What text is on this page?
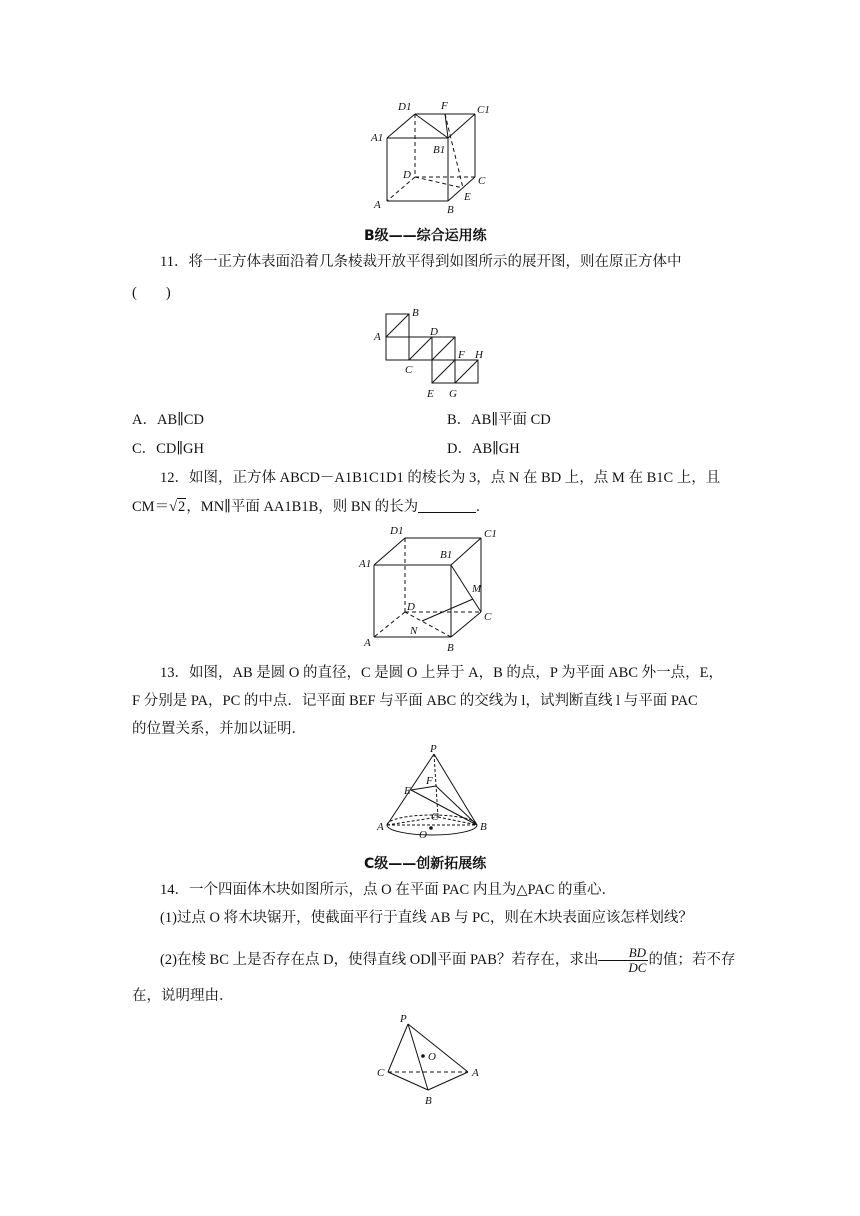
D1	F	C1
A1
B1
D	C
A	B
E
B级——综合运用练
11．将一正方体表面沿着几条棱裁开放平得到如图所示的展开图，则在原正方体中
(　　)
B
A	D
C
F H
E G
A．AB∥CD	B．AB∥平面 CD
C．CD∥GH	D．AB∥GH
12．如图，正方体 ABCD－A1B1C1D1 的棱长为 3，点 N 在 BD 上，点 M 在 B1C 上，且
CM＝√2，MN∥平面 AA1B1B，则 BN 的长为	.
D1	C1
A1
B1
M
D
C
N
A	B
13．如图，AB 是圆 O 的直径，C 是圆 O 上异于 A，B 的点，P 为平面 ABC 外一点，E，
F 分别是 PA，PC 的中点．记平面 BEF 与平面 ABC 的交线为 l，试判断直线 l 与平面 PAC
的位置关系，并加以证明．
P
F
E
C
A
O
B
C级——创新拓展练
14．一个四面体木块如图所示，点 O 在平面 PAC 内且为△PAC 的重心．
(1)过点 O 将木块锯开，使截面平行于直线 AB 与 PC，则在木块表面应该怎样划线？
(2)在棱 BC 上是否存在点 D，使得直线 OD∥平面 PAB？若存在，求出 $\frac{BD}{DC}$ 的值；若不存
在，说明理由．
P
O
C	A
B
